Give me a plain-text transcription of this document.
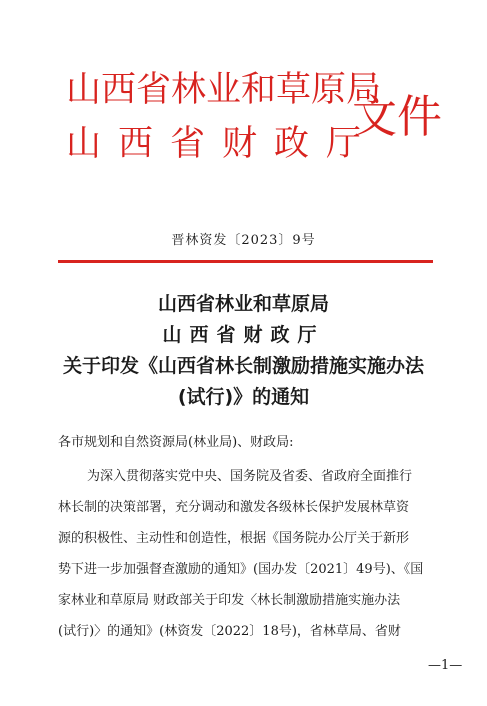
山西省林业和草原局
山西省财政厅
文件
晋林资发〔2023〕9号
山西省林业和草原局
山西省财政厅
关于印发《山西省林长制激励措施实施办法
(试行)》的通知
各市规划和自然资源局(林业局)、财政局:
为深入贯彻落实党中央、国务院及省委、省政府全面推行
林长制的决策部署，充分调动和激发各级林长保护发展林草资
源的积极性、主动性和创造性，根据《国务院办公厅关于新形
势下进一步加强督查激励的通知》(国办发〔2021〕49号)、《国
家林业和草原局 财政部关于印发〈林长制激励措施实施办法
(试行)〉的通知》(林资发〔2022〕18号)，省林草局、省财
—1—
